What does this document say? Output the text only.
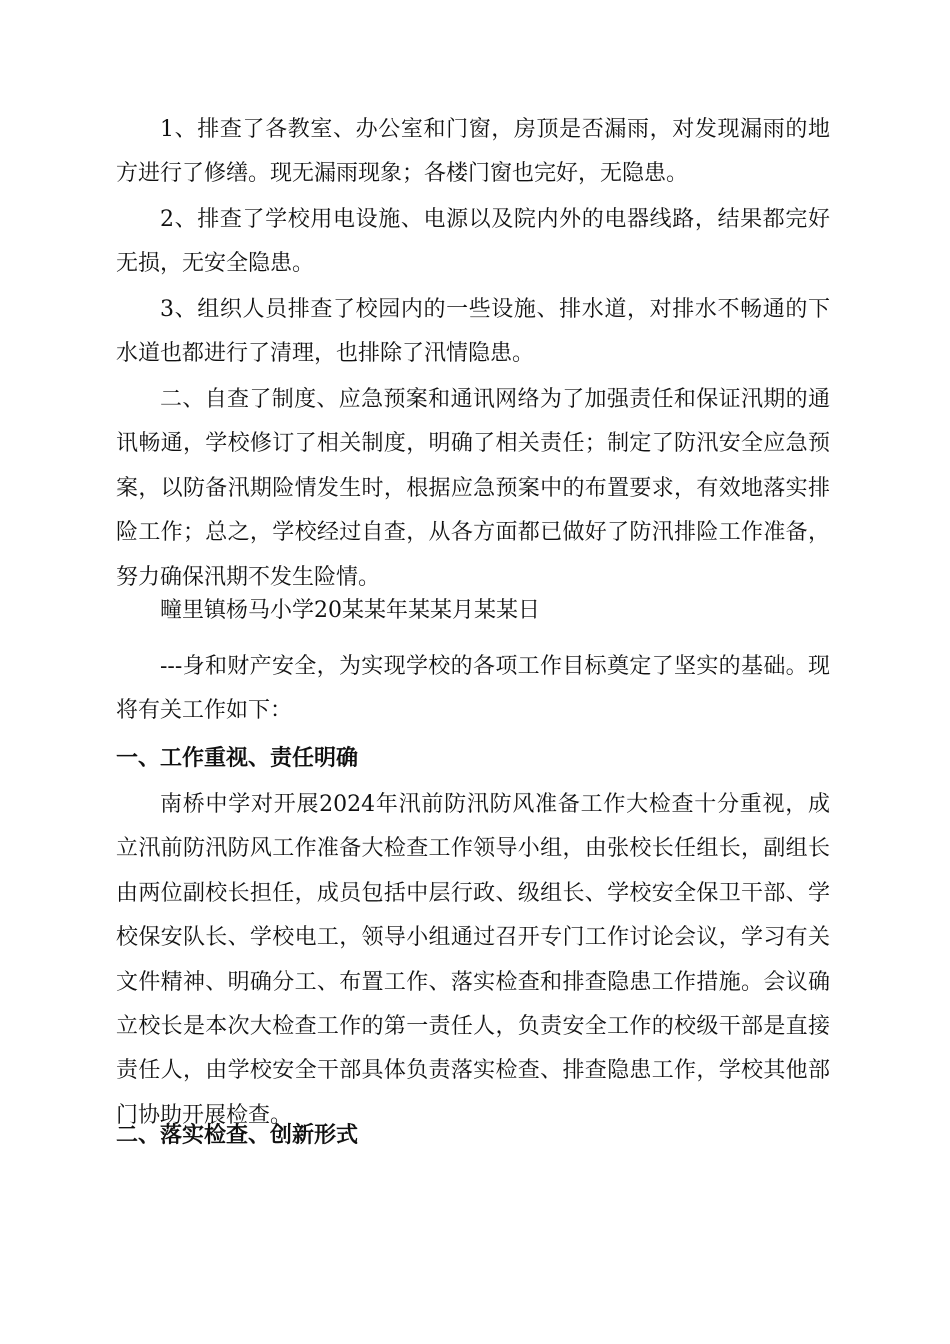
1、排查了各教室、办公室和门窗，房顶是否漏雨，对发现漏雨的地方进行了修缮。现无漏雨现象；各楼门窗也完好，无隐患。

2、排查了学校用电设施、电源以及院内外的电器线路，结果都完好无损，无安全隐患。

3、组织人员排查了校园内的一些设施、排水道，对排水不畅通的下水道也都进行了清理，也排除了汛情隐患。

二、自查了制度、应急预案和通讯网络为了加强责任和保证汛期的通讯畅通，学校修订了相关制度，明确了相关责任；制定了防汛安全应急预案，以防备汛期险情发生时，根据应急预案中的布置要求，有效地落实排险工作；总之，学校经过自查，从各方面都已做好了防汛排险工作准备，努力确保汛期不发生险情。

疃里镇杨马小学20某某年某某月某某日

---身和财产安全，为实现学校的各项工作目标奠定了坚实的基础。现将有关工作如下：

一、工作重视、责任明确

南桥中学对开展2024年汛前防汛防风准备工作大检查十分重视，成立汛前防汛防风工作准备大检查工作领导小组，由张校长任组长，副组长由两位副校长担任，成员包括中层行政、级组长、学校安全保卫干部、学校保安队长、学校电工，领导小组通过召开专门工作讨论会议，学习有关文件精神、明确分工、布置工作、落实检查和排查隐患工作措施。会议确立校长是本次大检查工作的第一责任人，负责安全工作的校级干部是直接责任人，由学校安全干部具体负责落实检查、排查隐患工作，学校其他部门协助开展检查。

二、落实检查、创新形式
